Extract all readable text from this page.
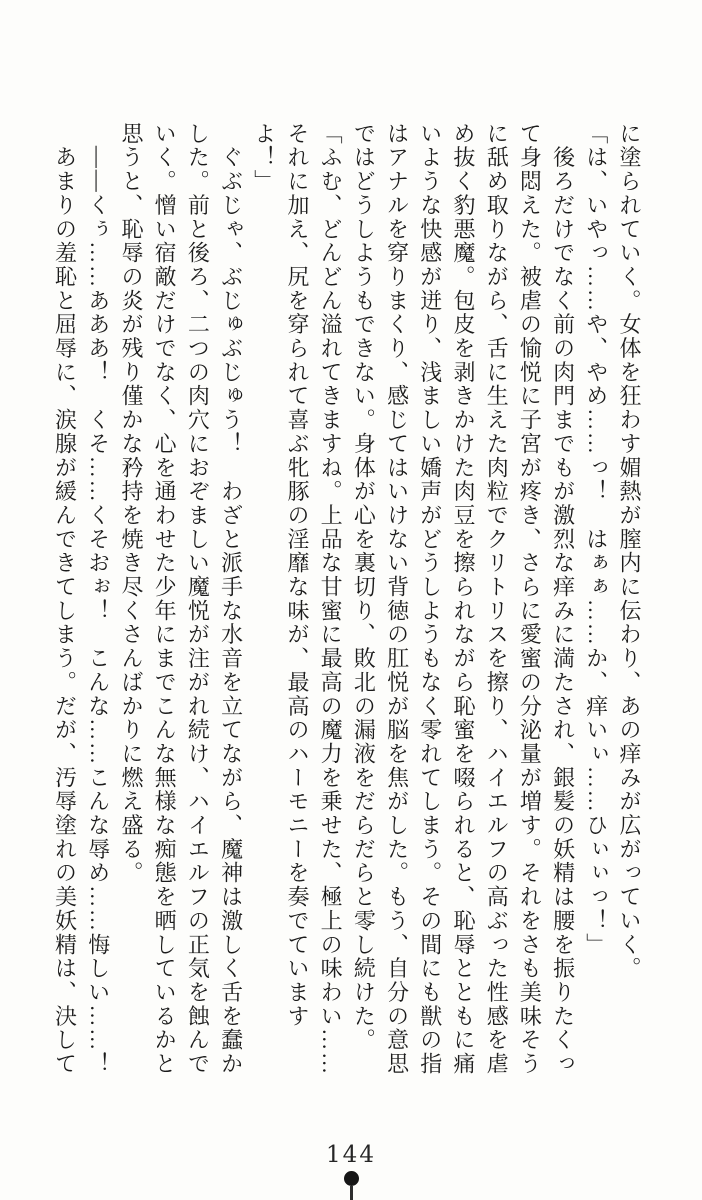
に塗られていく。女体を狂わす媚熱が膣内に伝わり、あの痒みが広がっていく。

「は、いやっ……や、やめ……っ！　はぁぁ……か、痒いぃ……ひぃぃっ！」

　後ろだけでなく前の肉門までもが激烈な痒みに満たされ、銀髪の妖精は腰を振りたくって身悶えた。被虐の愉悦に子宮が疼き、さらに愛蜜の分泌量が増す。それをさも美味そうに舐め取りながら、舌に生えた肉粒でクリトリスを擦り、ハイエルフの高ぶった性感を虐め抜く豹悪魔。包皮を剥きかけた肉豆を擦られながら恥蜜を啜られると、恥辱とともに痛いような快感が迸り、浅ましい嬌声がどうしようもなく零れてしまう。その間にも獣の指はアナルを穿りまくり、感じてはいけない背徳の肛悦が脳を焦がした。もう、自分の意思ではどうしようもできない。身体が心を裏切り、敗北の漏液をだらだらと零し続けた。

「ふむ、どんどん溢れてきますね。上品な甘蜜に最高の魔力を乗せた、極上の味わい……それに加え、尻を穿られて喜ぶ牝豚の淫靡な味が、最高のハーモニーを奏でていますよ！」

　ぐぶじゃ、ぶじゅぶじゅう！　わざと派手な水音を立てながら、魔神は激しく舌を蠢かした。前と後ろ、二つの肉穴におぞましい魔悦が注がれ続け、ハイエルフの正気を蝕んでいく。憎い宿敵だけでなく、心を通わせた少年にまでこんな無様な痴態を晒しているかと思うと、恥辱の炎が残り僅かな矜持を焼き尽くさんばかりに燃え盛る。

　――くぅ……あああ！　くそ……くそおぉ！　こんな……こんな辱め……悔しい……！

　あまりの羞恥と屈辱に、涙腺が緩んできてしまう。だが、汚辱塗れの美妖精は、決して

144
